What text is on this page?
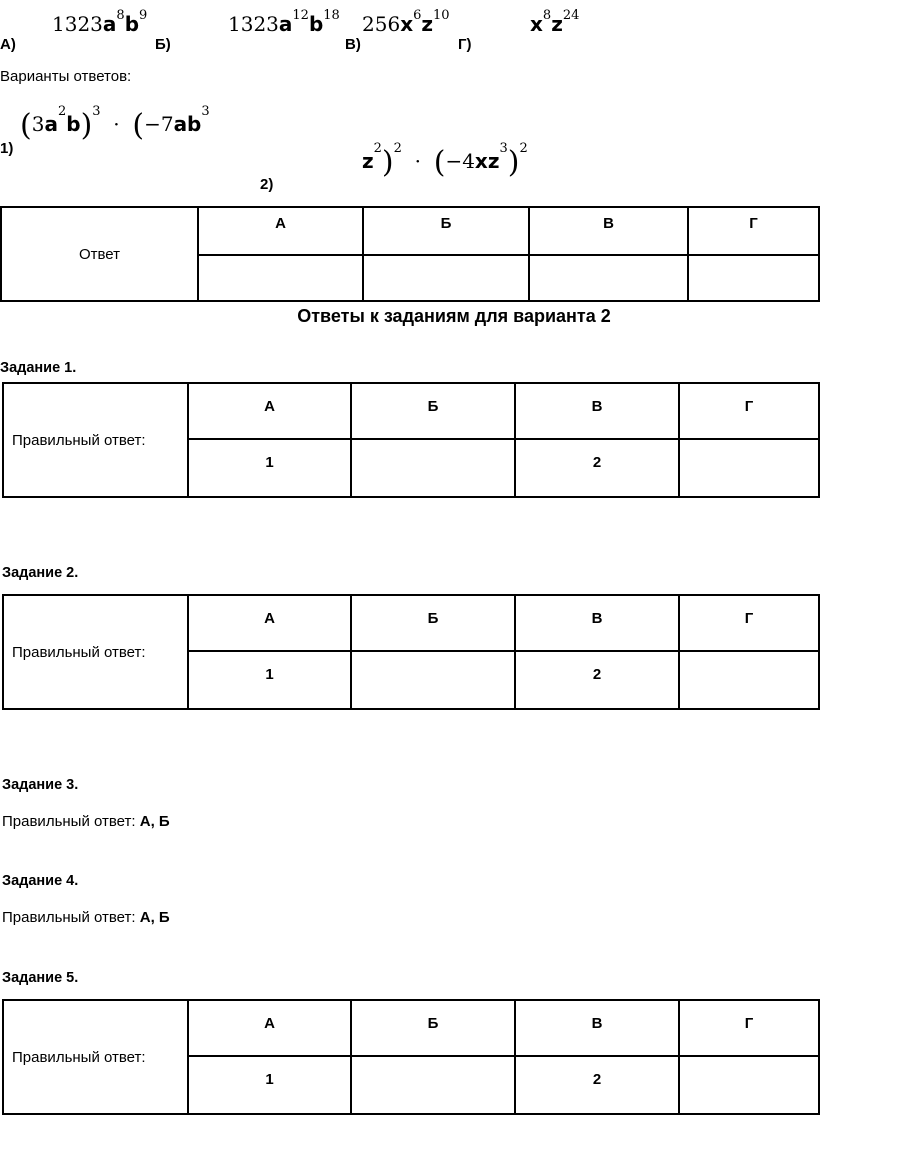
А)
$1323a^8b^9$
Б)
$1323a^{12}b^{18}$
В)
$256x^6z^{10}$
Г)
$x^8z^{24}$
Варианты ответов:
1)
$(3a^2b)^3 \cdot (-7ab^3$
2)
$z^2)^2 \cdot (-4xz^3)^2$
Ответ	А	Б	В	Г

Ответы к заданиям для варианта 2
Задание 1.
Правильный ответ:	А	Б	В	Г
	1		2	
Задание 2.
Правильный ответ:	А	Б	В	Г
	1		2	
Задание 3.
Правильный ответ: А, Б
Задание 4.
Правильный ответ: А, Б
Задание 5.
Правильный ответ:	А	Б	В	Г
	1		2	
